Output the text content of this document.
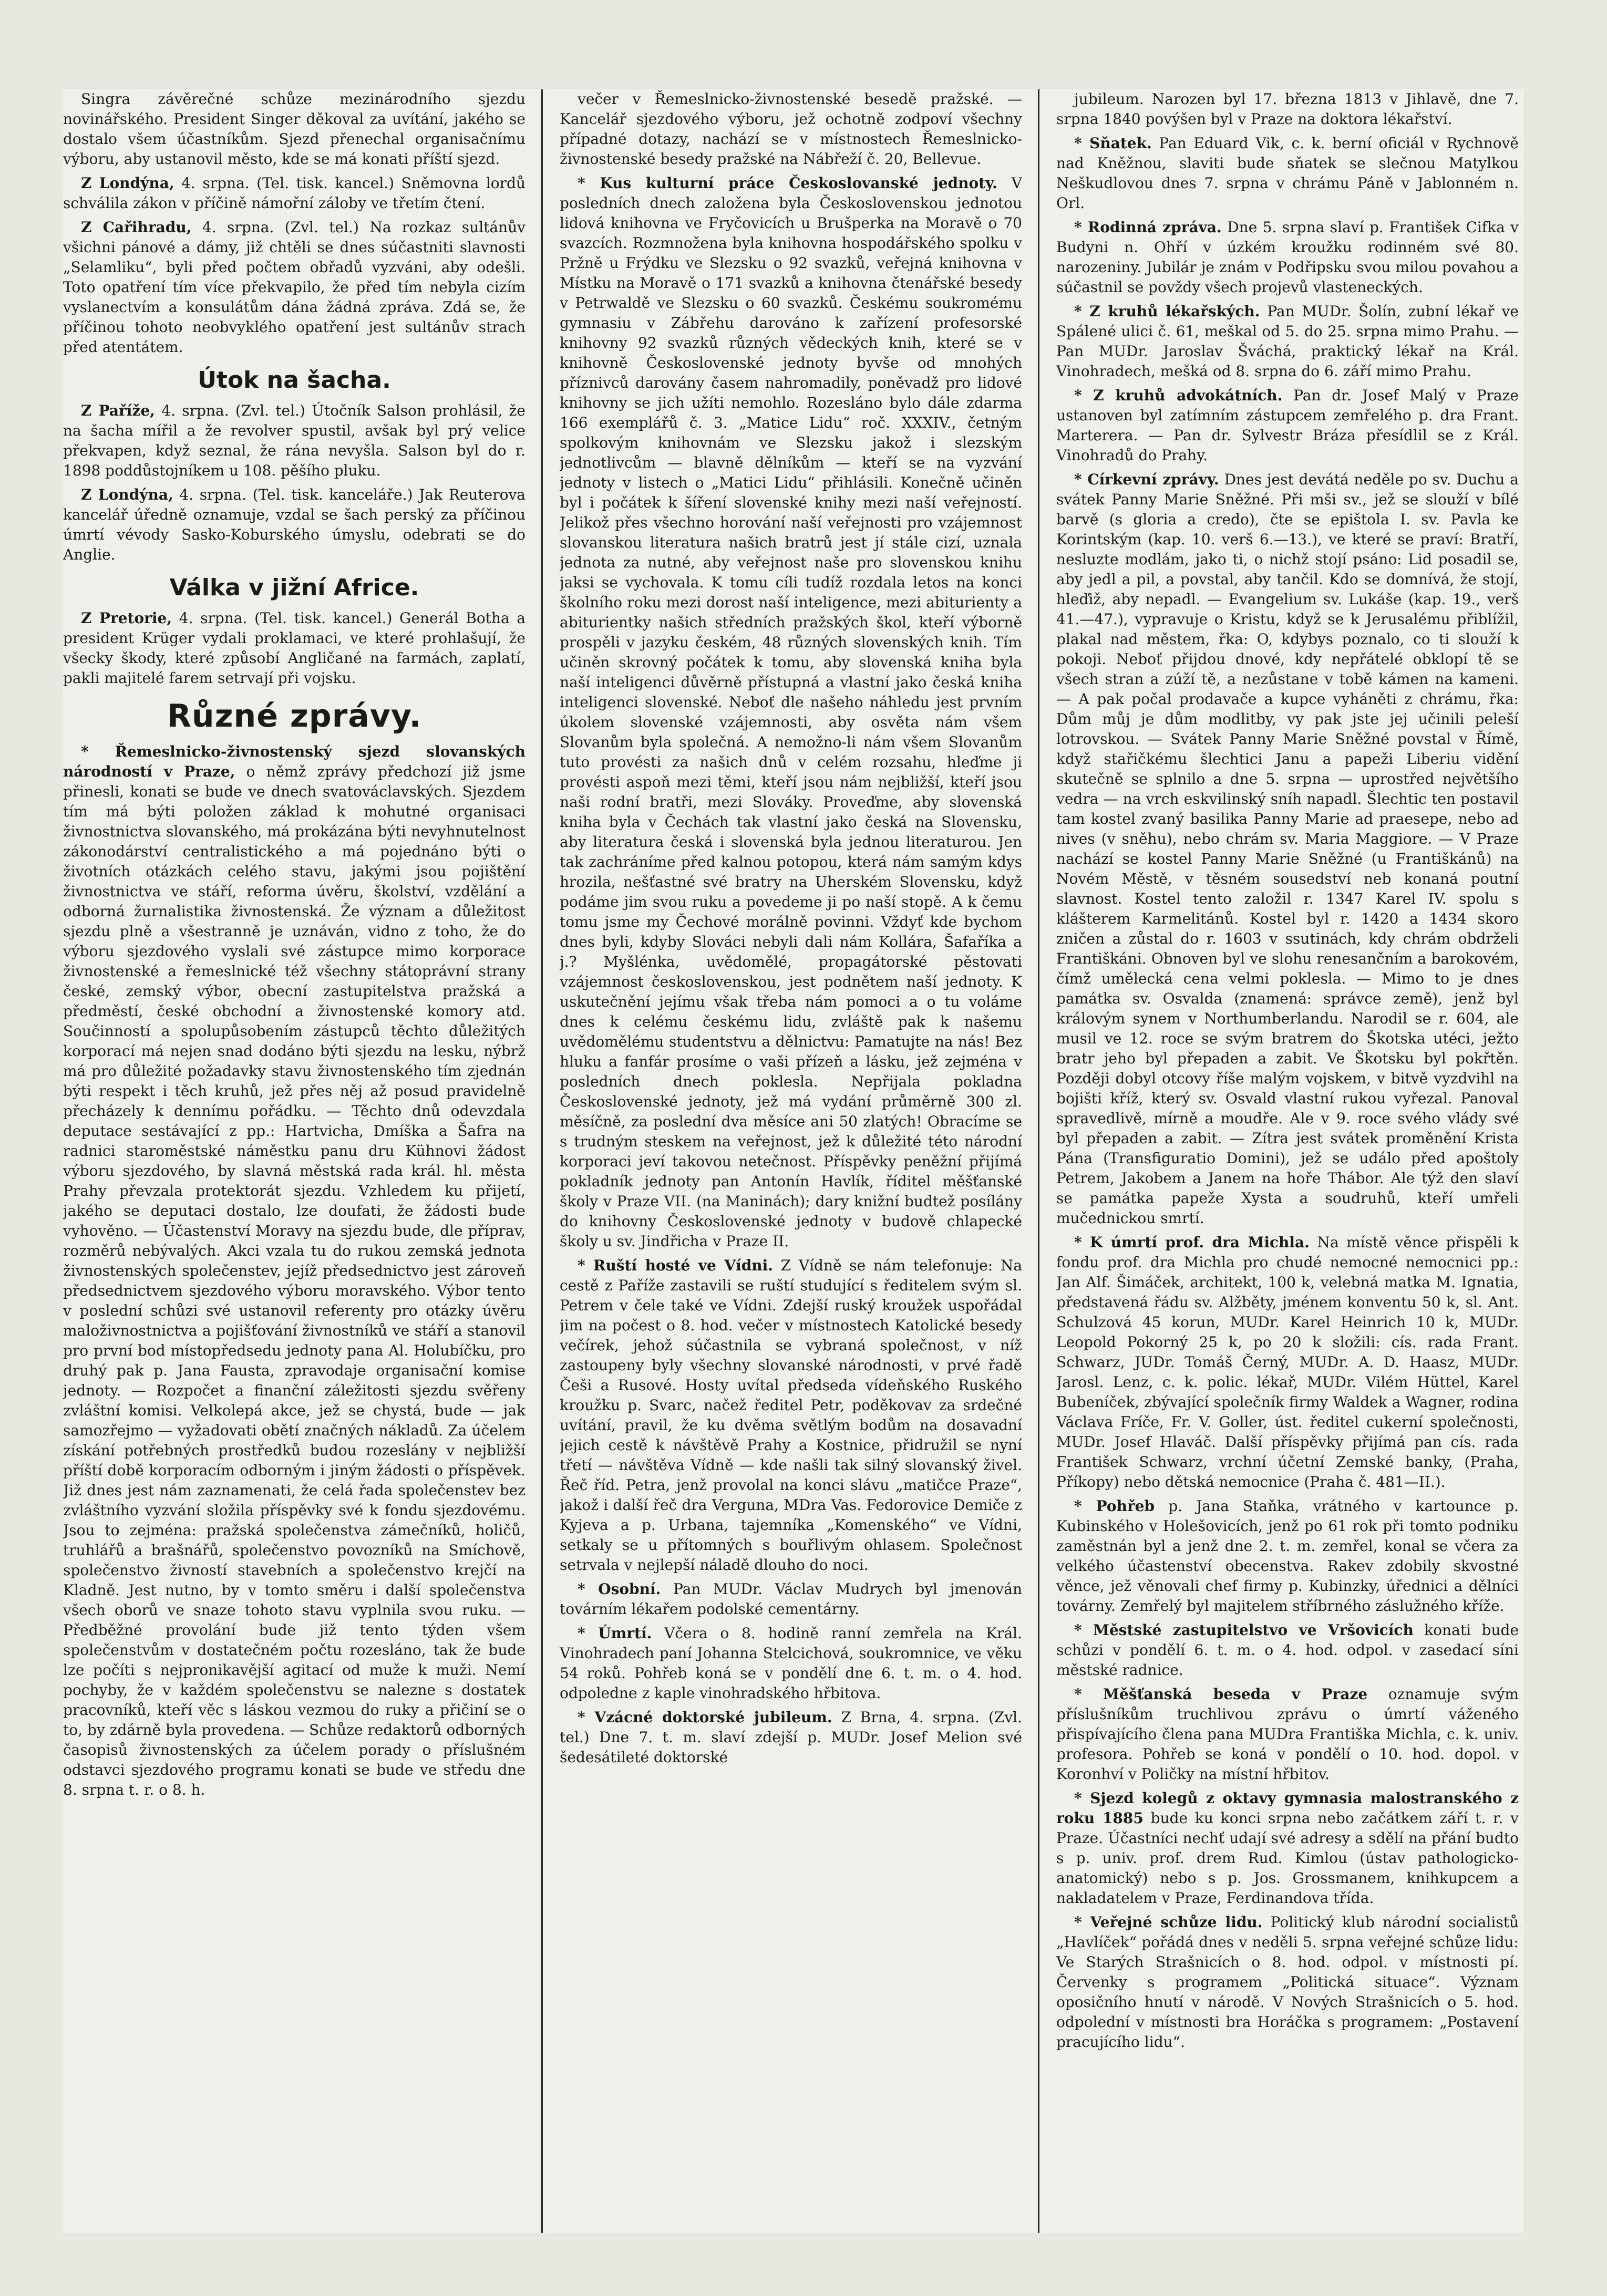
Singra závěrečné schůze mezinárodního sjezdu novinářského. President Singer děkoval za uvítání, jakého se dostalo všem účastníkům. Sjezd přenechal organisačnímu výboru, aby ustanovil město, kde se má konati příští sjezd.

Z Londýna, 4. srpna. (Tel. tisk. kancel.) Sněmovna lordů schválila zákon v příčině námořní záloby ve třetím čtení.

Z Cařihradu, 4. srpna. (Zvl. tel.) Na rozkaz sultánův všichni pánové a dámy, již chtěli se dnes súčastniti slavnosti „Selamliku“, byli před počtem obřadů vyzváni, aby odešli. Toto opatření tím více překvapilo, že před tím nebyla cizím vyslanectvím a konsulátům dána žádná zpráva. Zdá se, že příčinou tohoto neobvyklého opatření jest sultánův strach před atentátem.

Útok na šacha.

Z Paříže, 4. srpna. (Zvl. tel.) Útočník Salson prohlásil, že na šacha mířil a že revolver spustil, avšak byl prý velice překvapen, když seznal, že rána nevyšla. Salson byl do r. 1898 poddůstojníkem u 108. pěšího pluku.

Z Londýna, 4. srpna. (Tel. tisk. kanceláře.) Jak Reuterova kancelář úředně oznamuje, vzdal se šach perský za příčinou úmrtí vévody Sasko-Koburského úmyslu, odebrati se do Anglie.

Válka v jižní Africe.

Z Pretorie, 4. srpna. (Tel. tisk. kancel.) Generál Botha a president Krüger vydali proklamaci, ve které prohlašují, že všecky škody, které způsobí Angličané na farmách, zaplatí, pakli majitelé farem setrvají při vojsku.

Různé zprávy.

* Řemeslnicko-živnostenský sjezd slovanských národností v Praze, o němž zprávy předchozí již jsme přinesli, konati se bude ve dnech svatováclavských. Sjezdem tím má býti položen základ k mohutné organisaci živnostnictva slovanského, má prokázána býti nevyhnutelnost zákonodárství centralistického a má pojednáno býti o životních otázkách celého stavu, jakými jsou pojištění živnostnictva ve stáří, reforma úvěru, školství, vzdělání a odborná žurnalistika živnostenská. Že význam a důležitost sjezdu plně a všestranně je uznáván, vidno z toho, že do výboru sjezdového vyslali své zástupce mimo korporace živnostenské a řemeslnické též všechny státoprávní strany české, zemský výbor, obecní zastupitelstva pražská a předměstí, české obchodní a živnostenské komory atd. Součinností a spolupůsobením zástupců těchto důležitých korporací má nejen snad dodáno býti sjezdu na lesku, nýbrž má pro důležité požadavky stavu živnostenského tím zjednán býti respekt i těch kruhů, jež přes něj až posud pravidelně přecházely k dennímu pořádku. — Těchto dnů odevzdala deputace sestávající z pp.: Hartvicha, Dmíška a Šafra na radnici staroměstské náměstku panu dru Kühnovi žádost výboru sjezdového, by slavná městská rada král. hl. města Prahy převzala protektorát sjezdu. Vzhledem ku přijetí, jakého se deputaci dostalo, lze doufati, že žádosti bude vyhověno. — Účastenství Moravy na sjezdu bude, dle příprav, rozměrů nebývalých. Akci vzala tu do rukou zemská jednota živnostenských společenstev, jejíž předsednictvo jest zároveň předsednictvem sjezdového výboru moravského. Výbor tento v poslední schůzi své ustanovil referenty pro otázky úvěru maloživnostnictva a pojišťování živnostníků ve stáří a stanovil pro první bod místopředsedu jednoty pana Al. Holubíčku, pro druhý pak p. Jana Fausta, zpravodaje organisační komise jednoty. — Rozpočet a finanční záležitosti sjezdu svěřeny zvláštní komisi. Velkolepá akce, jež se chystá, bude — jak samozřejmo — vyžadovati obětí značných nákladů. Za účelem získání potřebných prostředků budou rozeslány v nejbližší příští době korporacím odborným i jiným žádosti o příspěvek. Již dnes jest nám zaznamenati, že celá řada společenstev bez zvláštního vyzvání složila příspěvky své k fondu sjezdovému. Jsou to zejména: pražská společenstva zámečníků, holičů, truhlářů a brašnářů, společenstvo povozníků na Smíchově, společenstvo živností stavebních a společenstvo krejčí na Kladně. Jest nutno, by v tomto směru i další společenstva všech oborů ve snaze tohoto stavu vyplnila svou ruku. — Předběžné provolání bude již tento týden všem společenstvům v dostatečném počtu rozesláno, tak že bude lze počíti s nejpronikavější agitací od muže k muži. Nemí pochyby, že v každém společenstvu se nalezne s dostatek pracovníků, kteří věc s láskou vezmou do ruky a přičiní se o to, by zdárně byla provedena. — Schůze redaktorů odborných časopisů živnostenských za účelem porady o příslušném odstavci sjezdového programu konati se bude ve středu dne 8. srpna t. r. o 8. h.

večer v Řemeslnicko-živnostenské besedě pražské. — Kancelář sjezdového výboru, jež ochotně zodpoví všechny případné dotazy, nachází se v místnostech Řemeslnicko-živnostenské besedy pražské na Nábřeží č. 20, Bellevue.

* Kus kulturní práce Českoslovanské jednoty. V posledních dnech založena byla Československou jednotou lidová knihovna ve Fryčovicích u Brušperka na Moravě o 70 svazcích. Rozmnožena byla knihovna hospodářského spolku v Pržně u Frýdku ve Slezsku o 92 svazků, veřejná knihovna v Místku na Moravě o 171 svazků a knihovna čtenářské besedy v Petrwaldě ve Slezsku o 60 svazků. Českému soukromému gymnasiu v Zábřehu darováno k zařízení profesorské knihovny 92 svazků různých vědeckých knih, které se v knihovně Československé jednoty byvše od mnohých příznivců darovány časem nahromadily, poněvadž pro lidové knihovny se jich užíti nemohlo. Rozesláno bylo dále zdarma 166 exemplářů č. 3. „Matice Lidu“ roč. XXXIV., četným spolkovým knihovnám ve Slezsku jakož i slezským jednotlivcům — blavně dělníkům — kteří se na vyzvání jednoty v listech o „Matici Lidu“ přihlásili. Konečně učiněn byl i počátek k šíření slovenské knihy mezi naší veřejností. Jelikož přes všechno horování naší veřejnosti pro vzájemnost slovanskou literatura našich bratrů jest jí stále cizí, uznala jednota za nutné, aby veřejnost naše pro slovenskou knihu jaksi se vychovala. K tomu cíli tudíž rozdala letos na konci školního roku mezi dorost naší inteligence, mezi abiturienty a abiturientky našich středních pražských škol, kteří výborně prospěli v jazyku českém, 48 různých slovenských knih. Tím učiněn skrovný počátek k tomu, aby slovenská kniha byla naší inteligenci důvěrně přístupná a vlastní jako česká kniha inteligenci slovenské. Neboť dle našeho náhledu jest prvním úkolem slovenské vzájemnosti, aby osvěta nám všem Slovanům byla společná. A nemožno-li nám všem Slovanům tuto provésti za našich dnů v celém rozsahu, hleďme ji provésti aspoň mezi těmi, kteří jsou nám nejbližší, kteří jsou naši rodní bratři, mezi Slováky. Proveďme, aby slovenská kniha byla v Čechách tak vlastní jako česká na Slovensku, aby literatura česká i slovenská byla jednou literaturou. Jen tak zachráníme před kalnou potopou, která nám samým kdys hrozila, nešťastné své bratry na Uherském Slovensku, když podáme jim svou ruku a povedeme ji po naší stopě. A k čemu tomu jsme my Čechové morálně povinni. Vždyť kde bychom dnes byli, kdyby Slováci nebyli dali nám Kollára, Šafaříka a j.? Myšlénka, uvědomělé, propagátorské pěstovati vzájemnost československou, jest podnětem naší jednoty. K uskutečnění jejímu však třeba nám pomoci a o tu voláme dnes k celému českému lidu, zvláště pak k našemu uvědomělému studentstvu a dělnictvu: Pamatujte na nás! Bez hluku a fanfár prosíme o vaši přízeň a lásku, jež zejména v posledních dnech poklesla. Nepřijala pokladna Československé jednoty, jež má vydání průměrně 300 zl. měsíčně, za poslední dva měsíce ani 50 zlatých! Obracíme se s trudným steskem na veřejnost, jež k důležité této národní korporaci jeví takovou netečnost. Příspěvky peněžní přijímá pokladník jednoty pan Antonín Havlík, říditel měšťanské školy v Praze VII. (na Maninách); dary knižní budtež posílány do knihovny Československé jednoty v budově chlapecké školy u sv. Jindřicha v Praze II.

* Ruští hosté ve Vídni. Z Vídně se nám telefonuje: Na cestě z Paříže zastavili se ruští studující s ředitelem svým sl. Petrem v čele také ve Vídni. Zdejší ruský kroužek uspořádal jim na počest o 8. hod. večer v místnostech Katolické besedy večírek, jehož súčastnila se vybraná společnost, v níž zastoupeny byly všechny slovanské národnosti, v prvé řadě Češi a Rusové. Hosty uvítal předseda vídeňského Ruského kroužku p. Svarc, načež ředitel Petr, poděkovav za srdečné uvítání, pravil, že ku dvěma světlým bodům na dosavadní jejich cestě k návštěvě Prahy a Kostnice, přidružil se nyní třetí — návštěva Vídně — kde našli tak silný slovanský živel. Řeč říd. Petra, jenž provolal na konci slávu „matičce Praze“, jakož i další řeč dra Verguna, MDra Vas. Fedorovice Demiče z Kyjeva a p. Urbana, tajemníka „Komenského“ ve Vídni, setkaly se u přítomných s bouřlivým ohlasem. Společnost setrvala v nejlepší náladě dlouho do noci.

* Osobní. Pan MUDr. Václav Mudrych byl jmenován továrním lékařem podolské cementárny.

* Úmrtí. Včera o 8. hodině ranní zemřela na Král. Vinohradech paní Johanna Stelcichová, soukromnice, ve věku 54 roků. Pohřeb koná se v pondělí dne 6. t. m. o 4. hod. odpoledne z kaple vinohradského hřbitova.

* Vzácné doktorské jubileum. Z Brna, 4. srpna. (Zvl. tel.) Dne 7. t. m. slaví zdejší p. MUDr. Josef Melion své šedesátileté doktorské

jubileum. Narozen byl 17. března 1813 v Jihlavě, dne 7. srpna 1840 povýšen byl v Praze na doktora lékařství.

* Sňatek. Pan Eduard Vik, c. k. berní oficiál v Rychnově nad Kněžnou, slaviti bude sňatek se slečnou Matylkou Neškudlovou dnes 7. srpna v chrámu Páně v Jablonném n. Orl.

* Rodinná zpráva. Dne 5. srpna slaví p. František Cifka v Budyni n. Ohří v úzkém kroužku rodinném své 80. narozeniny. Jubilár je znám v Podřipsku svou milou povahou a súčastnil se povždy všech projevů vlasteneckých.

* Z kruhů lékařských. Pan MUDr. Šolín, zubní lékař ve Spálené ulici č. 61, meškal od 5. do 25. srpna mimo Prahu. — Pan MUDr. Jaroslav Šváchá, praktický lékař na Král. Vinohradech, mešká od 8. srpna do 6. září mimo Prahu.

* Z kruhů advokátních. Pan dr. Josef Malý v Praze ustanoven byl zatímním zástupcem zemřelého p. dra Frant. Marterera. — Pan dr. Sylvestr Bráza přesídlil se z Král. Vinohradů do Prahy.

* Církevní zprávy. Dnes jest devátá neděle po sv. Duchu a svátek Panny Marie Sněžné. Při mši sv., jež se slouží v bílé barvě (s gloria a credo), čte se epištola I. sv. Pavla ke Korintským (kap. 10. verš 6.—13.), ve které se praví: Bratří, nesluzte modlám, jako ti, o nichž stojí psáno: Lid posadil se, aby jedl a pil, a povstal, aby tančil. Kdo se domnívá, že stojí, hleďiž, aby nepadl. — Evangelium sv. Lukáše (kap. 19., verš 41.—47.), vypravuje o Kristu, když se k Jerusalému přiblížil, plakal nad městem, řka: O, kdybys poznalo, co ti slouží k pokoji. Neboť přijdou dnové, kdy nepřátelé obklopí tě se všech stran a zúží tě, a nezůstane v tobě kámen na kameni. — A pak počal prodavače a kupce vyháněti z chrámu, řka: Dům můj je dům modlitby, vy pak jste jej učinili peleší lotrovskou. — Svátek Panny Marie Sněžné povstal v Římě, když stařičkému šlechtici Janu a papeži Liberiu vidění skutečně se splnilo a dne 5. srpna — uprostřed největšího vedra — na vrch eskvilinský sníh napadl. Šlechtic ten postavil tam kostel zvaný basilika Panny Marie ad praesepe, nebo ad nives (v sněhu), nebo chrám sv. Maria Maggiore. — V Praze nachází se kostel Panny Marie Sněžné (u Františkánů) na Novém Městě, v těsném sousedství neb konaná poutní slavnost. Kostel tento založil r. 1347 Karel IV. spolu s klášterem Karmelitánů. Kostel byl r. 1420 a 1434 skoro zničen a zůstal do r. 1603 v ssutinách, kdy chrám obdrželi Františkáni. Obnoven byl ve slohu renesančním a barokovém, čímž umělecká cena velmi poklesla. — Mimo to je dnes památka sv. Osvalda (znamená: správce země), jenž byl královým synem v Northumberlandu. Narodil se r. 604, ale musil ve 12. roce se svým bratrem do Škotska utéci, ježto bratr jeho byl přepaden a zabit. Ve Škotsku byl pokřtěn. Později dobyl otcovy říše malým vojskem, v bitvě vyzdvihl na bojišti kříž, který sv. Osvald vlastní rukou vyřezal. Panoval spravedlivě, mírně a moudře. Ale v 9. roce svého vlády své byl přepaden a zabit. — Zítra jest svátek proměnění Krista Pána (Transfiguratio Domini), jež se událo před apoštoly Petrem, Jakobem a Janem na hoře Thábor. Ale týž den slaví se památka papeže Xysta a soudruhů, kteří umřeli mučednickou smrtí.

* K úmrtí prof. dra Michla. Na místě věnce přispěli k fondu prof. dra Michla pro chudé nemocné nemocnici pp.: Jan Alf. Šimáček, architekt, 100 k, velebná matka M. Ignatia, představená řádu sv. Alžběty, jménem konventu 50 k, sl. Ant. Schulzová 45 korun, MUDr. Karel Heinrich 10 k, MUDr. Leopold Pokorný 25 k, po 20 k složili: cís. rada Frant. Schwarz, JUDr. Tomáš Černý, MUDr. A. D. Haasz, MUDr. Jarosl. Lenz, c. k. polic. lékař, MUDr. Vilém Hüttel, Karel Bubeníček, zbývající společník firmy Waldek a Wagner, rodina Václava Fríče, Fr. V. Goller, úst. ředitel cukerní společnosti, MUDr. Josef Hlaváč. Další příspěvky přijímá pan cís. rada František Schwarz, vrchní účetní Zemské banky, (Praha, Příkopy) nebo dětská nemocnice (Praha č. 481—II.).

* Pohřeb p. Jana Staňka, vrátného v kartounce p. Kubinského v Holešovicích, jenž po 61 rok při tomto podniku zaměstnán byl a jenž dne 2. t. m. zemřel, konal se včera za velkého účastenství obecenstva. Rakev zdobily skvostné věnce, jež věnovali chef firmy p. Kubinzky, úřednici a dělníci továrny. Zemřelý byl majitelem stříbrného záslužného kříže.

* Městské zastupitelstvo ve Vršovicích konati bude schůzi v pondělí 6. t. m. o 4. hod. odpol. v zasedací síni městské radnice.

* Měšťanská beseda v Praze oznamuje svým příslušníkům truchlivou zprávu o úmrtí váženého přispívajícího člena pana MUDra Františka Michla, c. k. univ. profesora. Pohřeb se koná v pondělí o 10. hod. dopol. v Koronhví v Poličky na místní hřbitov.

* Sjezd kolegů z oktavy gymnasia malostranského z roku 1885 bude ku konci srpna nebo začátkem září t. r. v Praze. Účastníci nechť udají své adresy a sdělí na přání budto s p. univ. prof. drem Rud. Kimlou (ústav pathologicko-anatomický) nebo s p. Jos. Grossmanem, knihkupcem a nakladatelem v Praze, Ferdinandova třída.

* Veřejné schůze lidu. Politický klub národní socialistů „Havlíček“ pořádá dnes v neděli 5. srpna veřejné schůze lidu: Ve Starých Strašnicích o 8. hod. odpol. v místnosti pí. Červenky s programem „Politická situace“. Význam oposičního hnutí v národě. V Nových Strašnicích o 5. hod. odpolední v místnosti bra Horáčka s programem: „Postavení pracujícího lidu“.
